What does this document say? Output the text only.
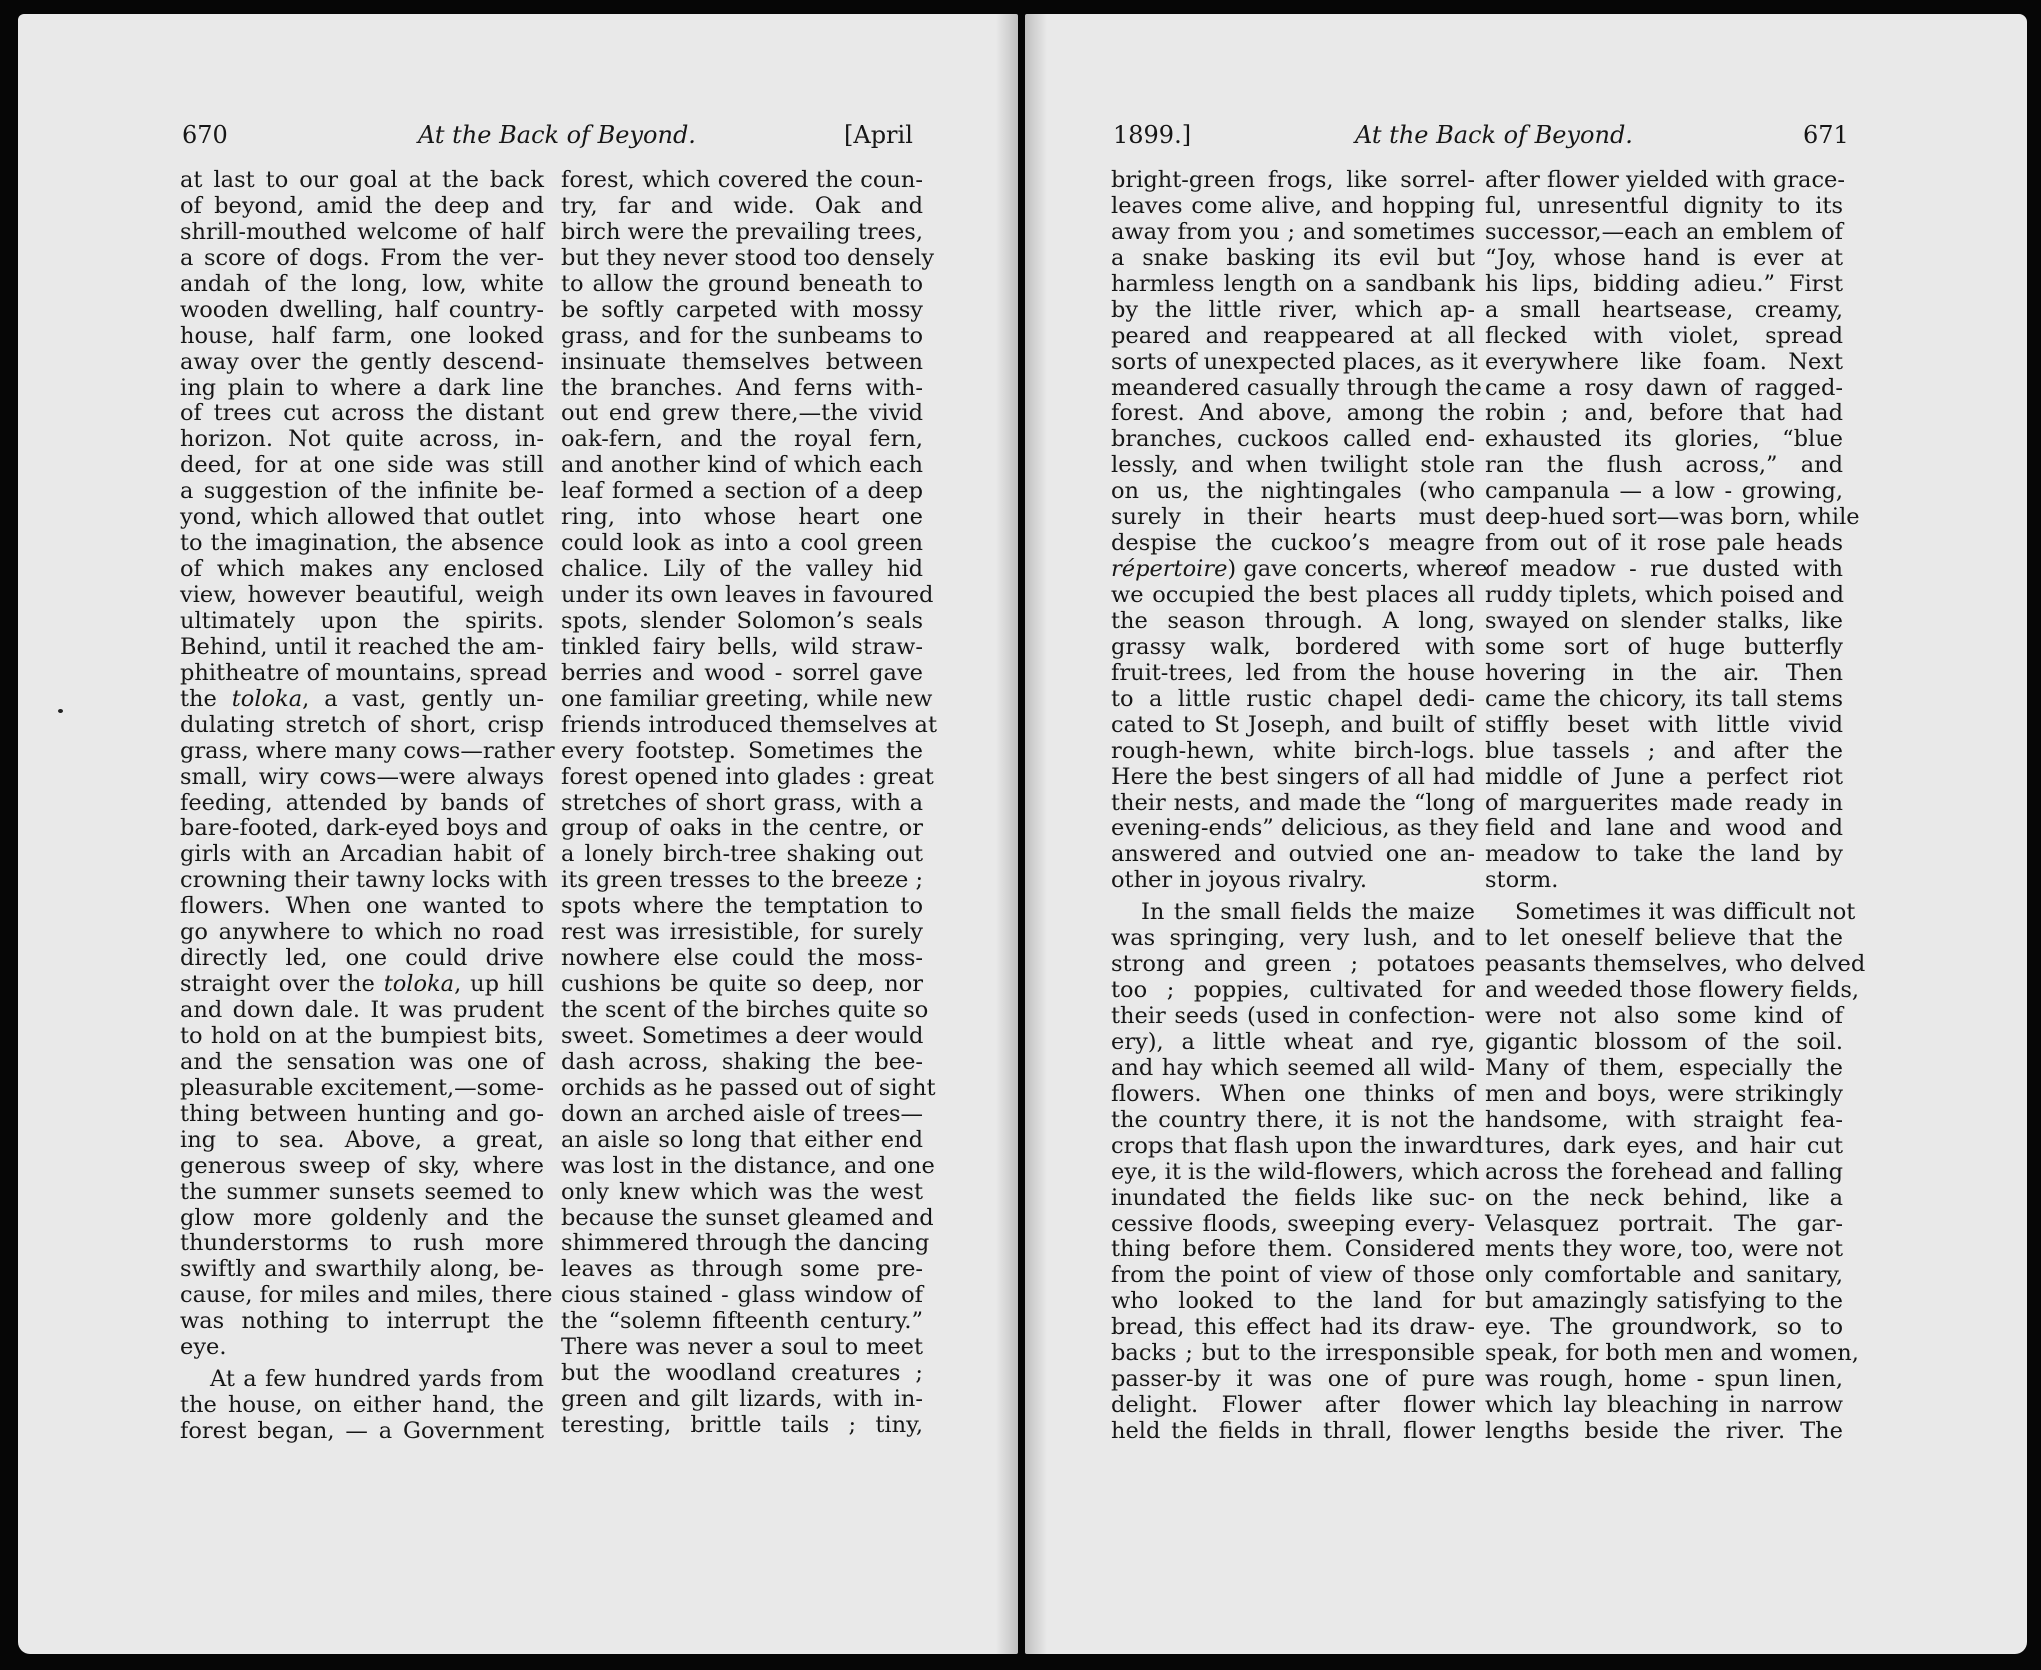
670	At the Back of Beyond.	[April
at last to our goal at the back
of beyond, amid the deep and
shrill-mouthed welcome of half
a score of dogs. From the ver-
andah of the long, low, white
wooden dwelling, half country-
house, half farm, one looked
away over the gently descend-
ing plain to where a dark line
of trees cut across the distant
horizon. Not quite across, in-
deed, for at one side was still
a suggestion of the infinite be-
yond, which allowed that outlet
to the imagination, the absence
of which makes any enclosed
view, however beautiful, weigh
ultimately upon the spirits.
Behind, until it reached the am-
phitheatre of mountains, spread
the toloka, a vast, gently un-
dulating stretch of short, crisp
grass, where many cows—rather
small, wiry cows—were always
feeding, attended by bands of
bare-footed, dark-eyed boys and
girls with an Arcadian habit of
crowning their tawny locks with
flowers. When one wanted to
go anywhere to which no road
directly led, one could drive
straight over the toloka, up hill
and down dale. It was prudent
to hold on at the bumpiest bits,
and the sensation was one of
pleasurable excitement,—some-
thing between hunting and go-
ing to sea. Above, a great,
generous sweep of sky, where
the summer sunsets seemed to
glow more goldenly and the
thunderstorms to rush more
swiftly and swarthily along, be-
cause, for miles and miles, there
was nothing to interrupt the
eye.
At a few hundred yards from
the house, on either hand, the
forest began, — a Government
forest, which covered the coun-
try, far and wide. Oak and
birch were the prevailing trees,
but they never stood too densely
to allow the ground beneath to
be softly carpeted with mossy
grass, and for the sunbeams to
insinuate themselves between
the branches. And ferns with-
out end grew there,—the vivid
oak-fern, and the royal fern,
and another kind of which each
leaf formed a section of a deep
ring, into whose heart one
could look as into a cool green
chalice. Lily of the valley hid
under its own leaves in favoured
spots, slender Solomon’s seals
tinkled fairy bells, wild straw-
berries and wood - sorrel gave
one familiar greeting, while new
friends introduced themselves at
every footstep. Sometimes the
forest opened into glades : great
stretches of short grass, with a
group of oaks in the centre, or
a lonely birch-tree shaking out
its green tresses to the breeze ;
spots where the temptation to
rest was irresistible, for surely
nowhere else could the moss-
cushions be quite so deep, nor
the scent of the birches quite so
sweet. Sometimes a deer would
dash across, shaking the bee-
orchids as he passed out of sight
down an arched aisle of trees—
an aisle so long that either end
was lost in the distance, and one
only knew which was the west
because the sunset gleamed and
shimmered through the dancing
leaves as through some pre-
cious stained - glass window of
the “solemn fifteenth century.”
There was never a soul to meet
but the woodland creatures ;
green and gilt lizards, with in-
teresting, brittle tails ; tiny,
1899.]	At the Back of Beyond.	671
bright-green frogs, like sorrel-
leaves come alive, and hopping
away from you ; and sometimes
a snake basking its evil but
harmless length on a sandbank
by the little river, which ap-
peared and reappeared at all
sorts of unexpected places, as it
meandered casually through the
forest. And above, among the
branches, cuckoos called end-
lessly, and when twilight stole
on us, the nightingales (who
surely in their hearts must
despise the cuckoo’s meagre
répertoire) gave concerts, where
we occupied the best places all
the season through. A long,
grassy walk, bordered with
fruit-trees, led from the house
to a little rustic chapel dedi-
cated to St Joseph, and built of
rough-hewn, white birch-logs.
Here the best singers of all had
their nests, and made the “long
evening-ends” delicious, as they
answered and outvied one an-
other in joyous rivalry.
In the small fields the maize
was springing, very lush, and
strong and green ; potatoes
too ; poppies, cultivated for
their seeds (used in confection-
ery), a little wheat and rye,
and hay which seemed all wild-
flowers. When one thinks of
the country there, it is not the
crops that flash upon the inward
eye, it is the wild-flowers, which
inundated the fields like suc-
cessive floods, sweeping every-
thing before them. Considered
from the point of view of those
who looked to the land for
bread, this effect had its draw-
backs ; but to the irresponsible
passer-by it was one of pure
delight. Flower after flower
held the fields in thrall, flower
after flower yielded with grace-
ful, unresentful dignity to its
successor,—each an emblem of
“Joy, whose hand is ever at
his lips, bidding adieu.” First
a small heartsease, creamy,
flecked with violet, spread
everywhere like foam. Next
came a rosy dawn of ragged-
robin ; and, before that had
exhausted its glories, “blue
ran the flush across,” and
campanula — a low - growing,
deep-hued sort—was born, while
from out of it rose pale heads
of meadow - rue dusted with
ruddy tiplets, which poised and
swayed on slender stalks, like
some sort of huge butterfly
hovering in the air. Then
came the chicory, its tall stems
stiffly beset with little vivid
blue tassels ; and after the
middle of June a perfect riot
of marguerites made ready in
field and lane and wood and
meadow to take the land by
storm.
Sometimes it was difficult not
to let oneself believe that the
peasants themselves, who delved
and weeded those flowery fields,
were not also some kind of
gigantic blossom of the soil.
Many of them, especially the
men and boys, were strikingly
handsome, with straight fea-
tures, dark eyes, and hair cut
across the forehead and falling
on the neck behind, like a
Velasquez portrait. The gar-
ments they wore, too, were not
only comfortable and sanitary,
but amazingly satisfying to the
eye. The groundwork, so to
speak, for both men and women,
was rough, home - spun linen,
which lay bleaching in narrow
lengths beside the river. The
